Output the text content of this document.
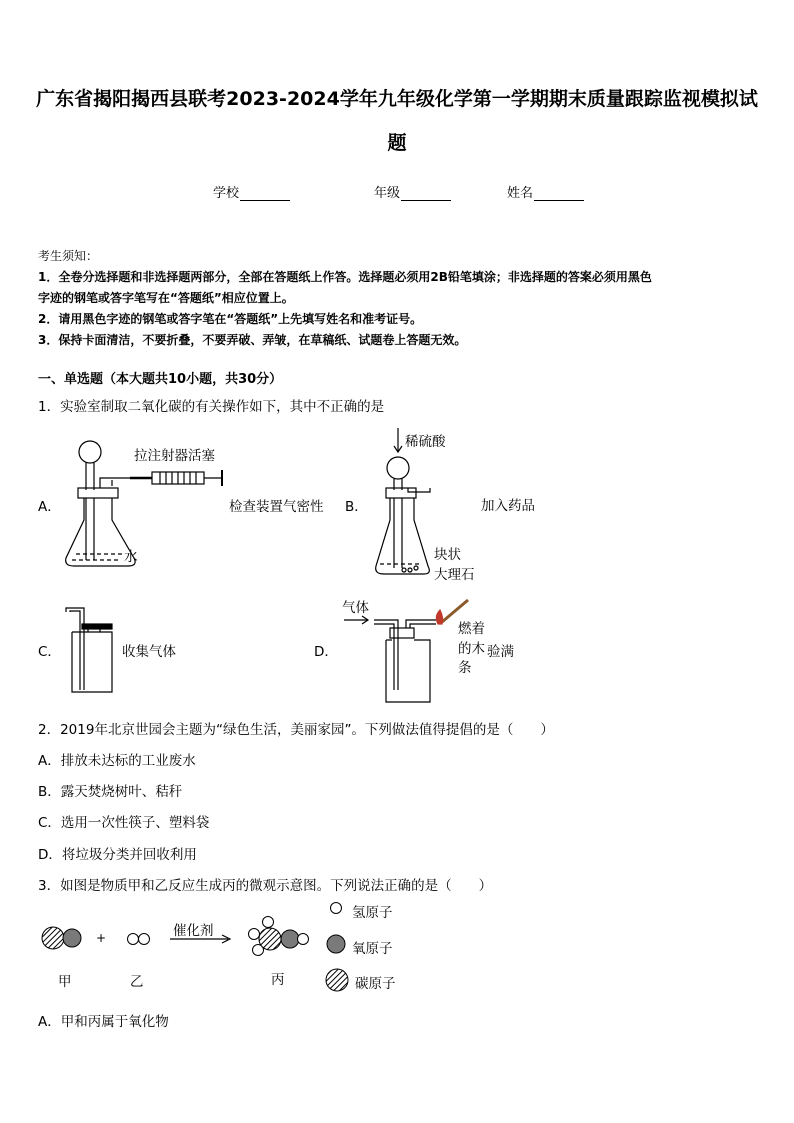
广东省揭阳揭西县联考2023-2024学年九年级化学第一学期期末质量跟踪监视模拟试
题
学校	年级	姓名
考生须知：
1．全卷分选择题和非选择题两部分，全部在答题纸上作答。选择题必须用2B铅笔填涂；非选择题的答案必须用黑色
字迹的钢笔或答字笔写在“答题纸”相应位置上。
2．请用黑色字迹的钢笔或答字笔在“答题纸”上先填写姓名和准考证号。
3．保持卡面清洁，不要折叠，不要弄破、弄皱，在草稿纸、试题卷上答题无效。
一、单选题（本大题共10小题，共30分）
1．实验室制取二氧化碳的有关操作如下，其中不正确的是
A．
拉注射器活塞
水
检查装置气密性 B．
稀硫酸
加入药品
块状
大理石
C．	收集气体	D．
气体
燃着
的木
条
验满
2．2019年北京世园会主题为“绿色生活，美丽家园”。下列做法值得提倡的是（　　）
A．排放未达标的工业废水
B．露天焚烧树叶、秸秆
C．选用一次性筷子、塑料袋
D．将垃圾分类并回收利用
3．如图是物质甲和乙反应生成丙的微观示意图。下列说法正确的是（　　）
+	催化剂
甲	乙	丙
氢原子
氧原子
碳原子
A．甲和丙属于氧化物
